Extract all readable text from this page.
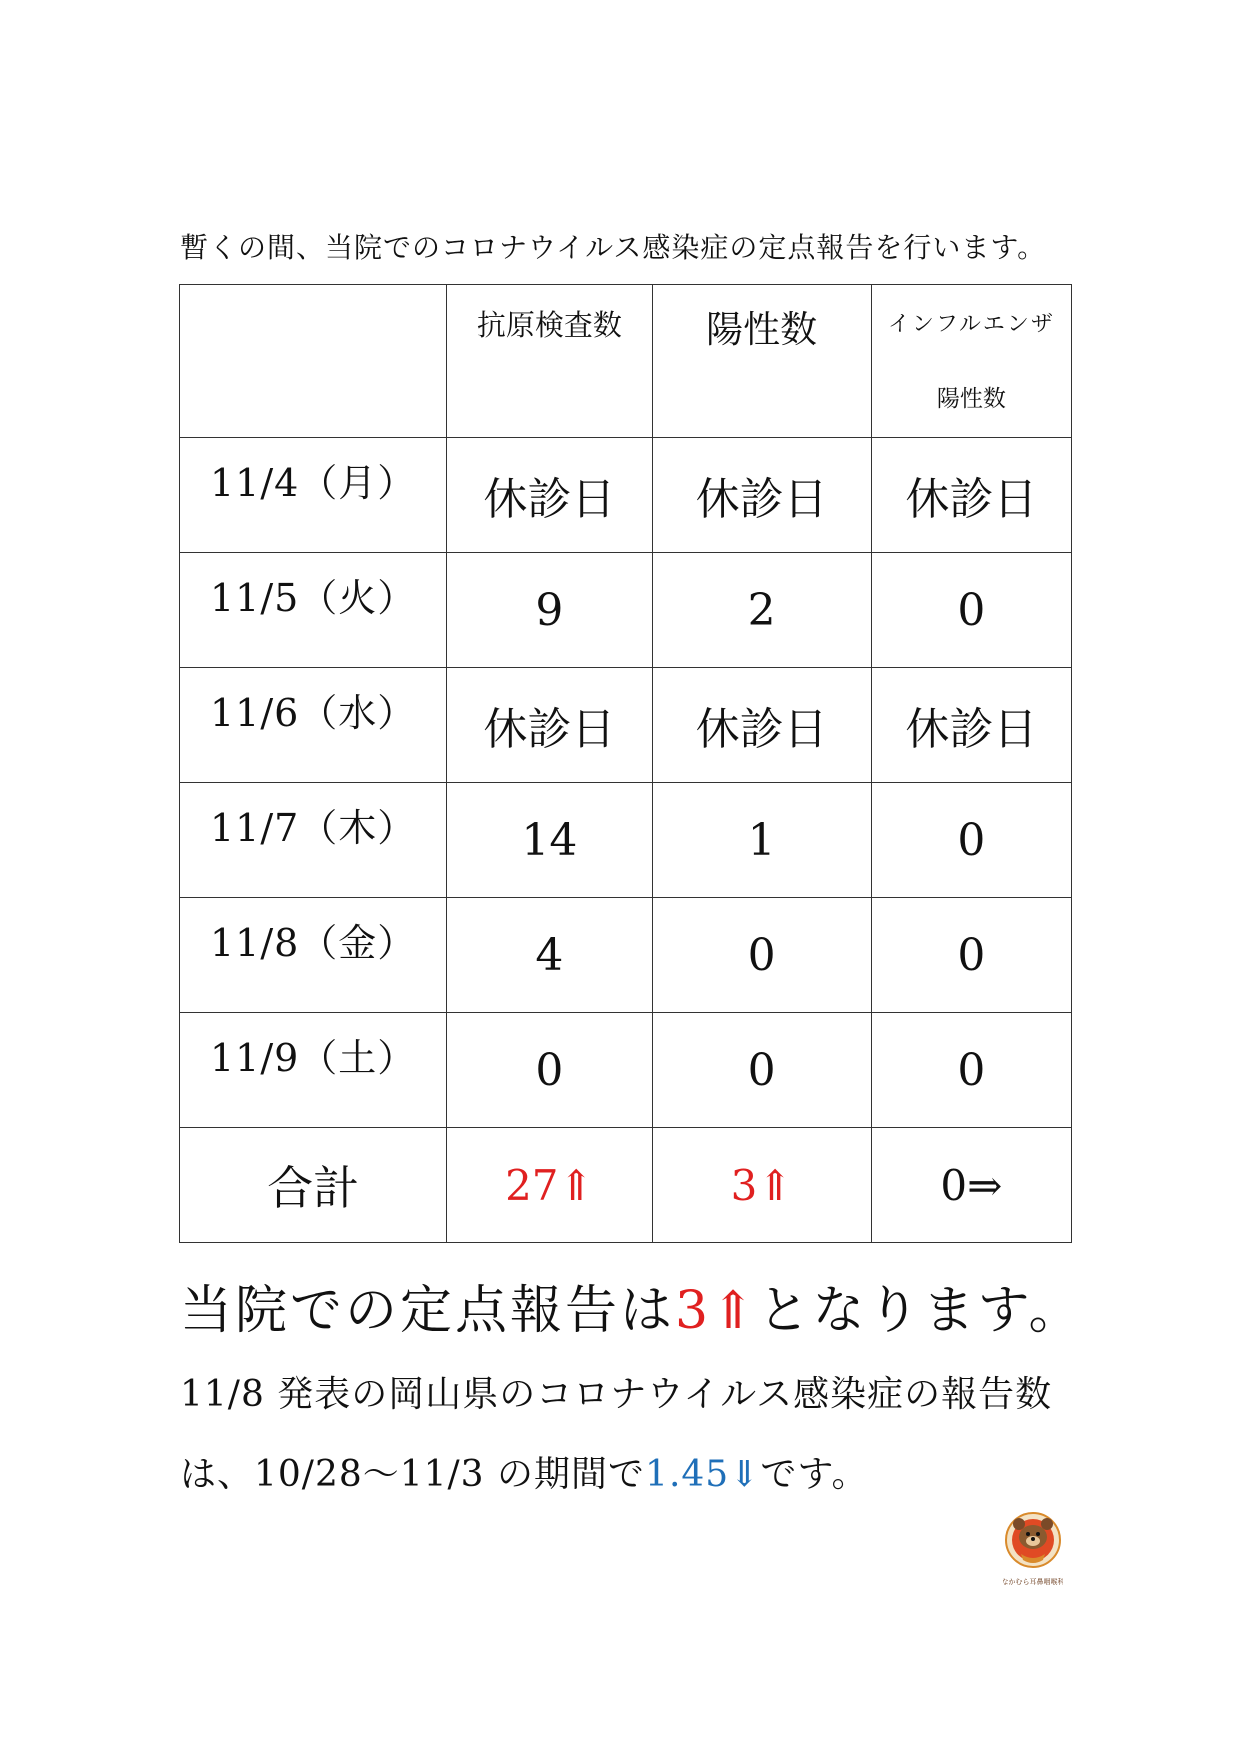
暫くの間、当院でのコロナウイルス感染症の定点報告を行います。

	抗原検査数	陽性数	インフルエンザ
陽性数

11/4（月）	休診日	休診日	休診日

11/5（火）	9	2	0

11/6（水）	休診日	休診日	休診日

11/7（木）	14	1	0

11/8（金）	4	0	0

11/9（土）	0	0	0
合計	27⇑	3⇑	0⇒
当院での定点報告は3⇑となります。
11/8 発表の岡山県のコロナウイルス感染症の報告数
は、10/28〜11/3 の期間で1.45⇓です。
なかむら耳鼻咽喉科
